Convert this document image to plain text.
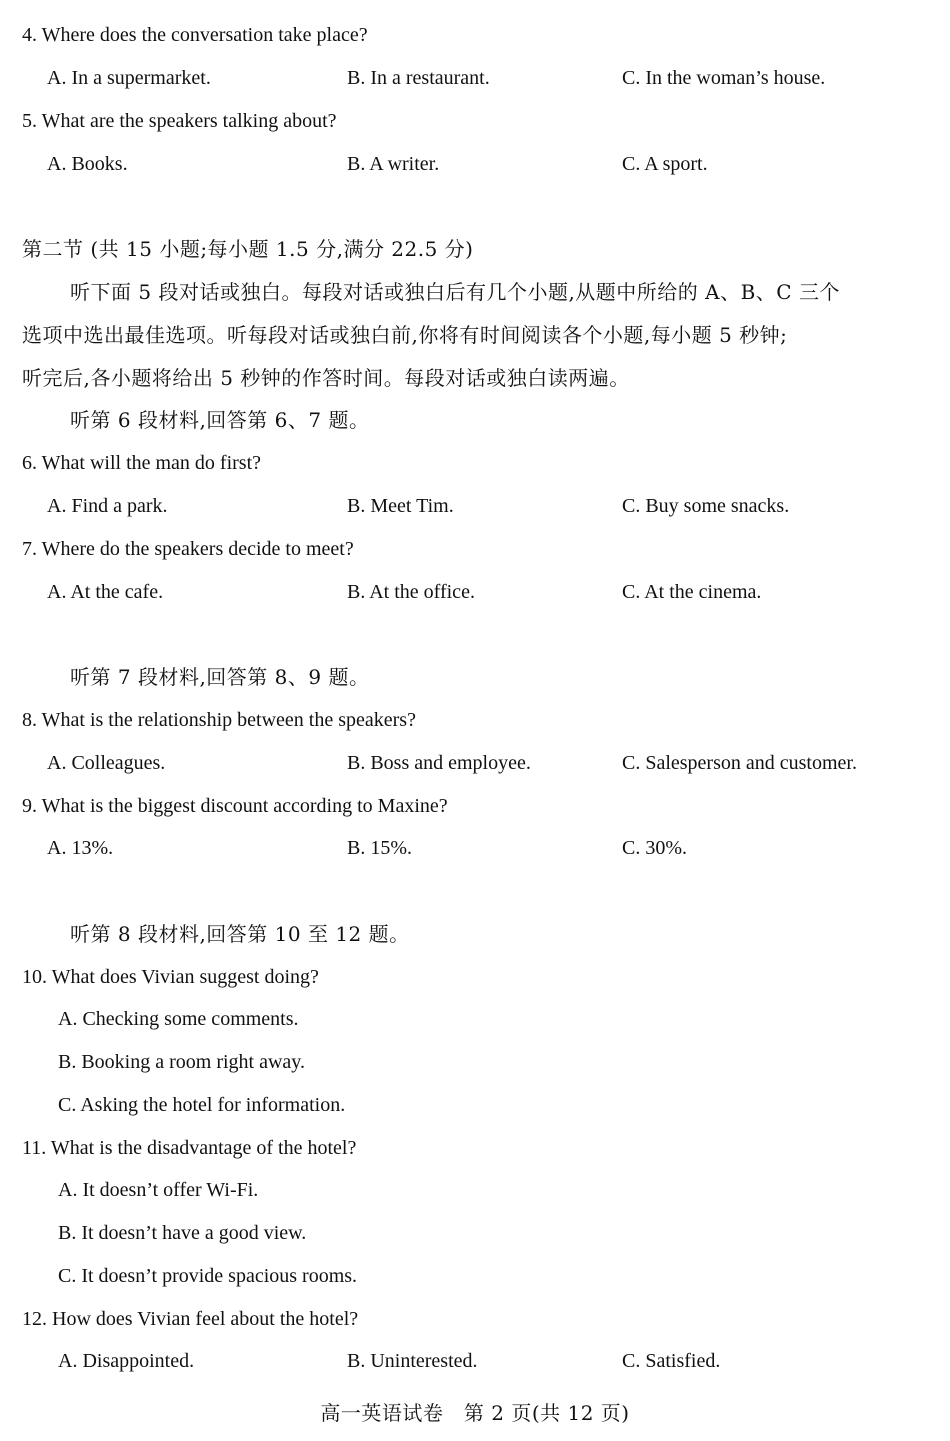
4. Where does the conversation take place?
A. In a supermarket.	B. In a restaurant.	C. In the woman’s house.
5. What are the speakers talking about?
A. Books.	B. A writer.	C. A sport.
第二节 (共 15 小题;每小题 1.5 分,满分 22.5 分)
听下面 5 段对话或独白。每段对话或独白后有几个小题,从题中所给的 A、B、C 三个
选项中选出最佳选项。听每段对话或独白前,你将有时间阅读各个小题,每小题 5 秒钟;
听完后,各小题将给出 5 秒钟的作答时间。每段对话或独白读两遍。
听第 6 段材料,回答第 6、7 题。
6. What will the man do first?
A. Find a park.	B. Meet Tim.	C. Buy some snacks.
7. Where do the speakers decide to meet?
A. At the cafe.	B. At the office.	C. At the cinema.
听第 7 段材料,回答第 8、9 题。
8. What is the relationship between the speakers?
A. Colleagues.	B. Boss and employee.	C. Salesperson and customer.
9. What is the biggest discount according to Maxine?
A. 13%.	B. 15%.	C. 30%.
听第 8 段材料,回答第 10 至 12 题。
10. What does Vivian suggest doing?
A. Checking some comments.
B. Booking a room right away.
C. Asking the hotel for information.
11. What is the disadvantage of the hotel?
A. It doesn’t offer Wi-Fi.
B. It doesn’t have a good view.
C. It doesn’t provide spacious rooms.
12. How does Vivian feel about the hotel?
A. Disappointed.	B. Uninterested.	C. Satisfied.
高一英语试卷　第 2 页(共 12 页)
